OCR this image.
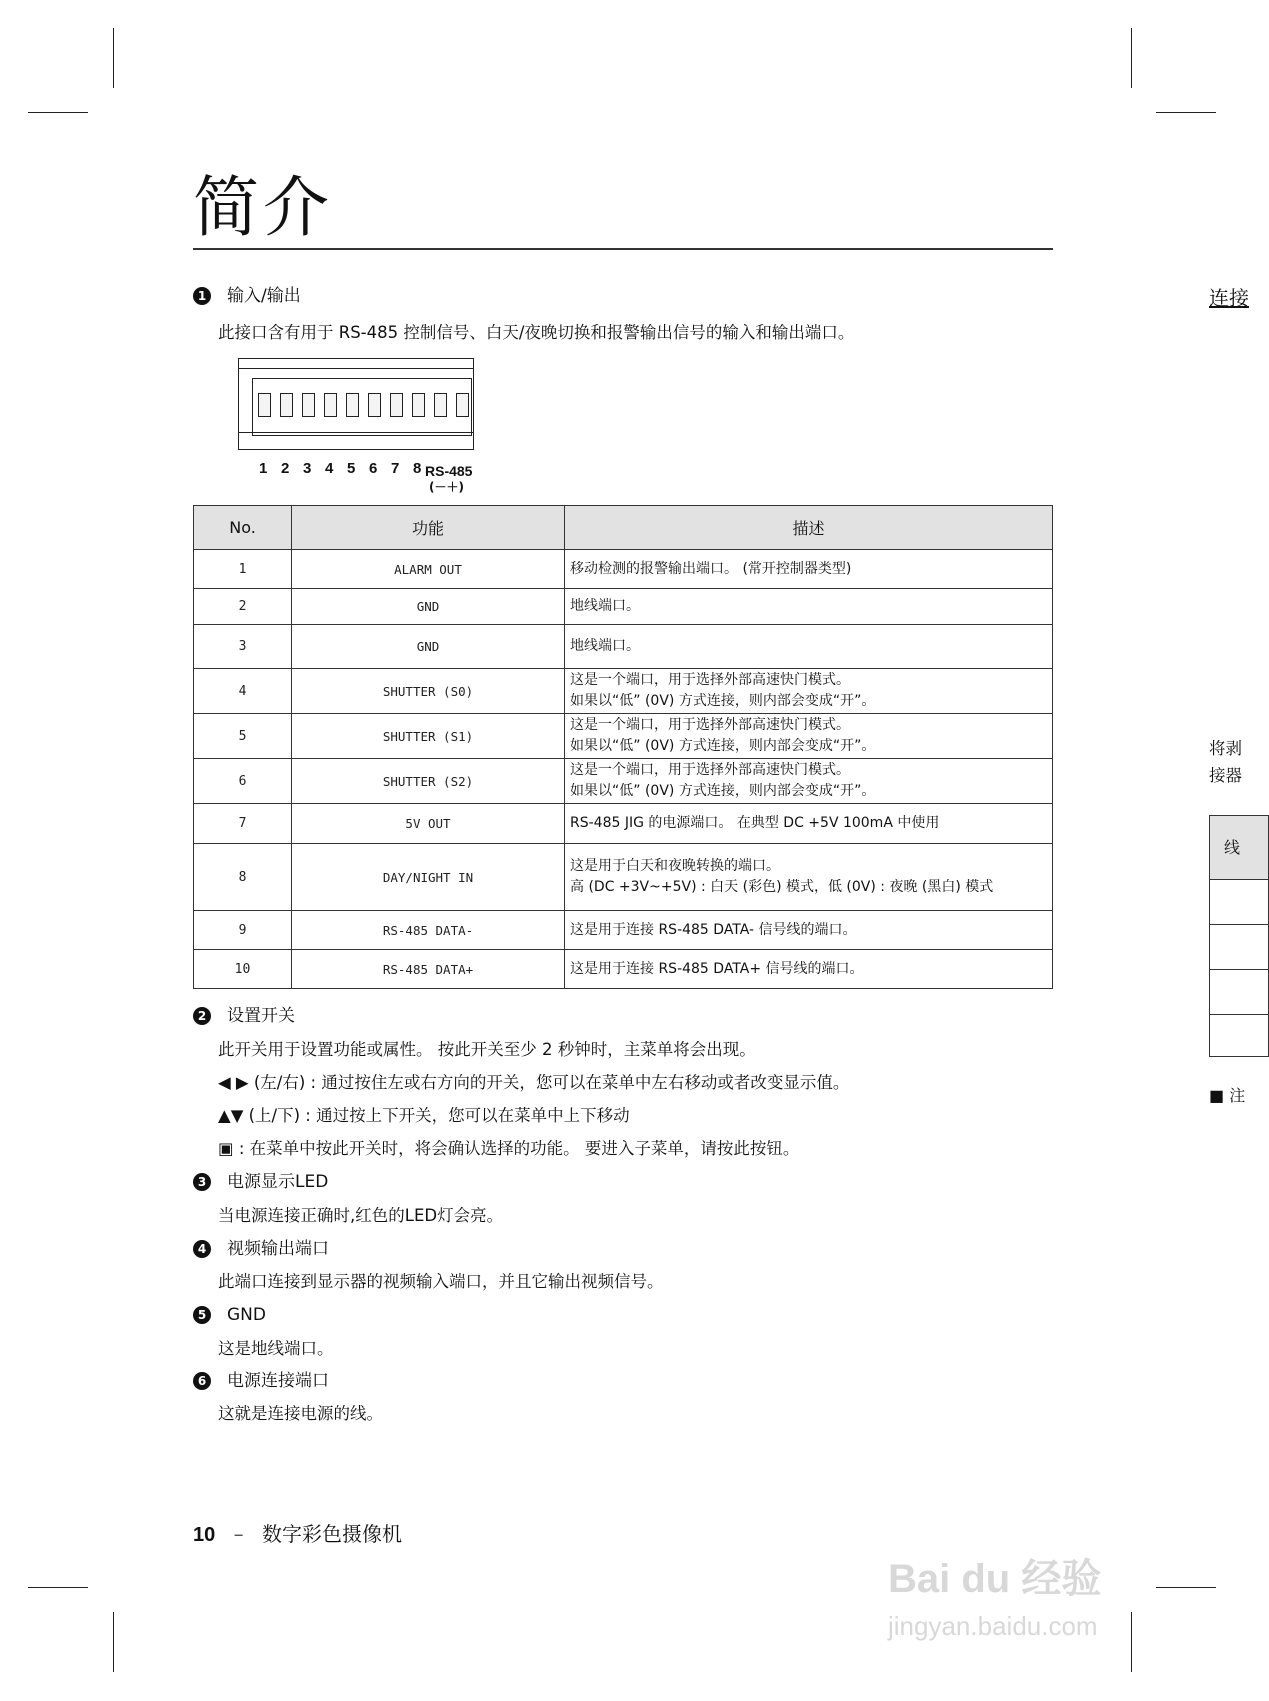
简介
1 输入/输出
此接口含有用于 RS-485 控制信号、白天/夜晚切换和报警输出信号的输入和输出端口。
1 2 3 4 5 6 7 8 RS-485
(－＋)
No.	功能	描述
1	ALARM OUT	移动检测的报警输出端口。 (常开控制器类型)

2	GND	地线端口。

3	GND	地线端口。

4	SHUTTER (S0)	这是一个端口，用于选择外部高速快门模式。
如果以“低” (0V) 方式连接，则内部会变成“开”。

5	SHUTTER (S1)	这是一个端口，用于选择外部高速快门模式。
如果以“低” (0V) 方式连接，则内部会变成“开”。

6	SHUTTER (S2)	这是一个端口，用于选择外部高速快门模式。
如果以“低” (0V) 方式连接，则内部会变成“开”。

7	5V OUT	RS-485 JIG 的电源端口。 在典型 DC +5V 100mA 中使用

8	DAY/NIGHT IN	这是用于白天和夜晚转换的端口。
高 (DC +3V~+5V) : 白天 (彩色) 模式，低 (0V) : 夜晚 (黑白) 模式

9	RS-485 DATA-	这是用于连接 RS-485 DATA- 信号线的端口。

10	RS-485 DATA+	这是用于连接 RS-485 DATA+ 信号线的端口。
2 设置开关
此开关用于设置功能或属性。 按此开关至少 2 秒钟时，主菜单将会出现。
◀ ▶ (左/右) : 通过按住左或右方向的开关，您可以在菜单中左右移动或者改变显示值。
▲▼ (上/下) : 通过按上下开关，您可以在菜单中上下移动
▣ : 在菜单中按此开关时，将会确认选择的功能。 要进入子菜单，请按此按钮。
3 电源显示LED
当电源连接正确时,红色的LED灯会亮。
4 视频输出端口
此端口连接到显示器的视频输入端口，并且它输出视频信号。
5 GND
这是地线端口。
6 电源连接端口
这就是连接电源的线。
10 – 数字彩色摄像机
连接
将剥
接器
线
■ 注
Bai du 经验
jingyan.baidu.com
